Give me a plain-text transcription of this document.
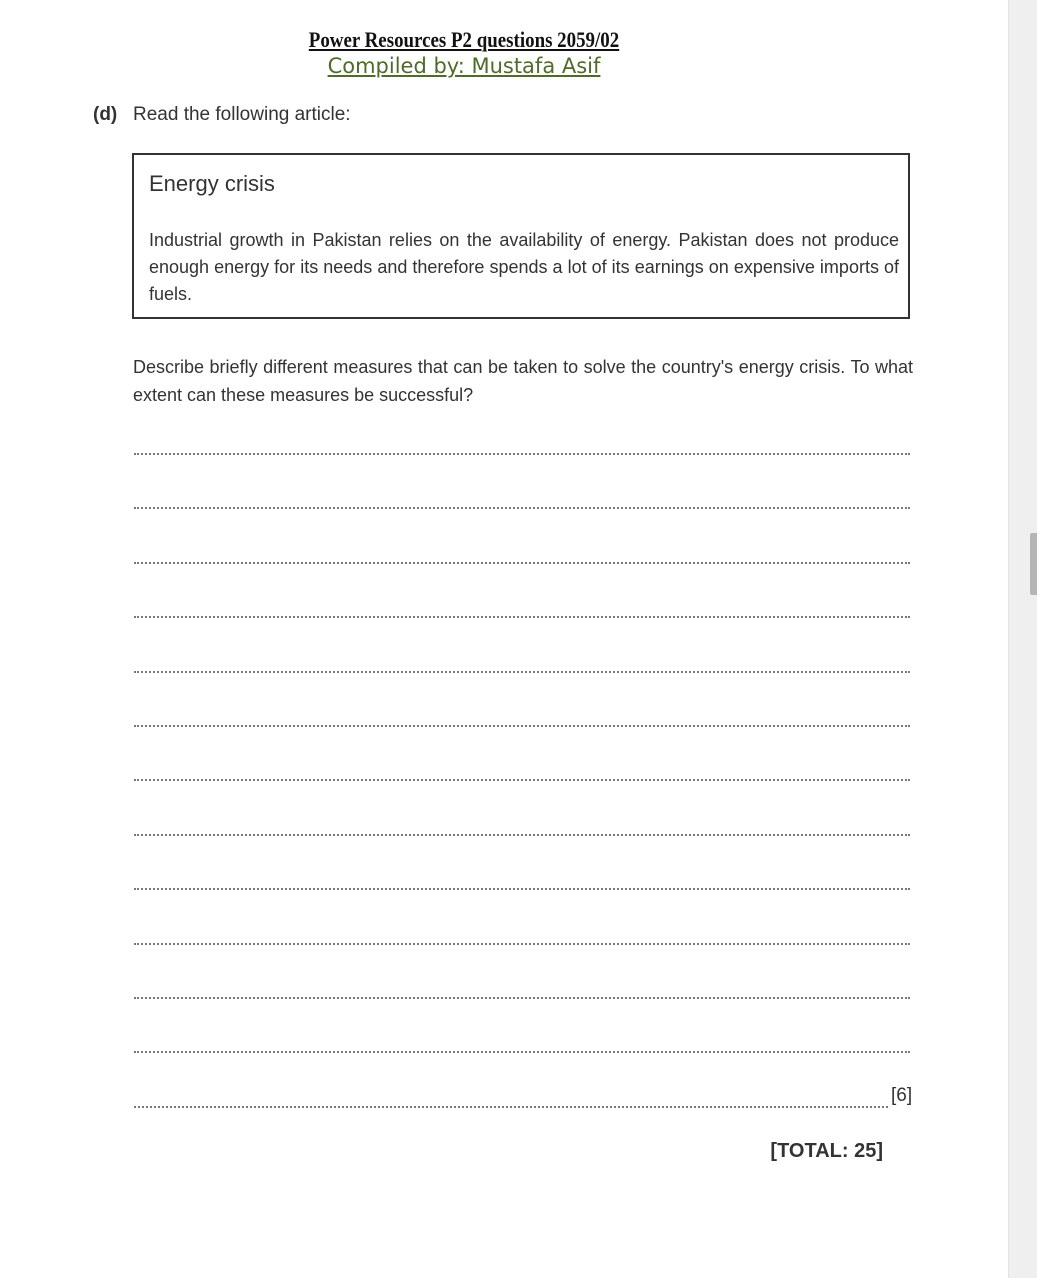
Power Resources P2 questions 2059/02
Compiled by: Mustafa Asif
(d) Read the following article:
Energy crisis
Industrial growth in Pakistan relies on the availability of energy. Pakistan does not produce enough energy for its needs and therefore spends a lot of its earnings on expensive imports of fuels.
Describe briefly different measures that can be taken to solve the country's energy crisis. To what extent can these measures be successful?
[6]
[TOTAL: 25]
